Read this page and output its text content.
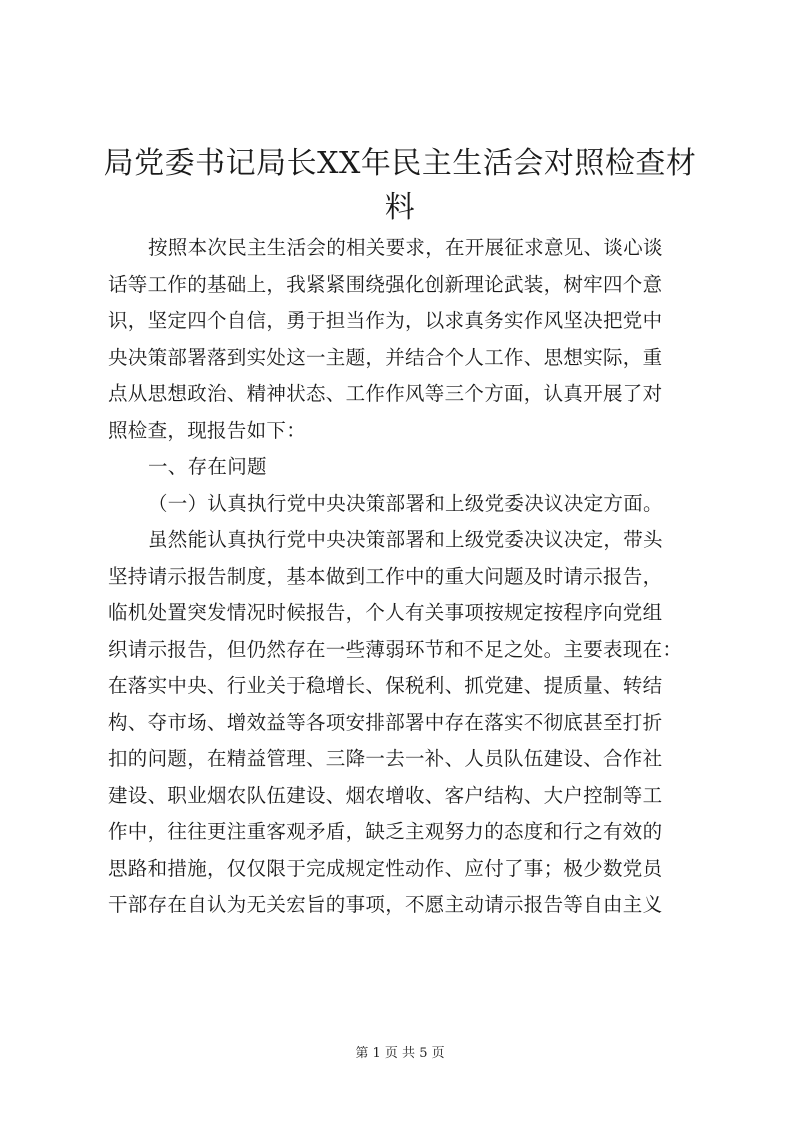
局党委书记局长XX年民主生活会对照检查材料
按照本次民主生活会的相关要求，在开展征求意见、谈心谈
话等工作的基础上，我紧紧围绕强化创新理论武装，树牢四个意
识，坚定四个自信，勇于担当作为，以求真务实作风坚决把党中
央决策部署落到实处这一主题，并结合个人工作、思想实际，重
点从思想政治、精神状态、工作作风等三个方面，认真开展了对
照检查，现报告如下：
一、存在问题
（一）认真执行党中央决策部署和上级党委决议决定方面。
虽然能认真执行党中央决策部署和上级党委决议决定，带头
坚持请示报告制度，基本做到工作中的重大问题及时请示报告，
临机处置突发情况时候报告，个人有关事项按规定按程序向党组
织请示报告，但仍然存在一些薄弱环节和不足之处。主要表现在：
在落实中央、行业关于稳增长、保税利、抓党建、提质量、转结
构、夺市场、增效益等各项安排部署中存在落实不彻底甚至打折
扣的问题，在精益管理、三降一去一补、人员队伍建设、合作社
建设、职业烟农队伍建设、烟农增收、客户结构、大户控制等工
作中，往往更注重客观矛盾，缺乏主观努力的态度和行之有效的
思路和措施，仅仅限于完成规定性动作、应付了事；极少数党员
干部存在自认为无关宏旨的事项，不愿主动请示报告等自由主义
第 1 页 共 5 页
